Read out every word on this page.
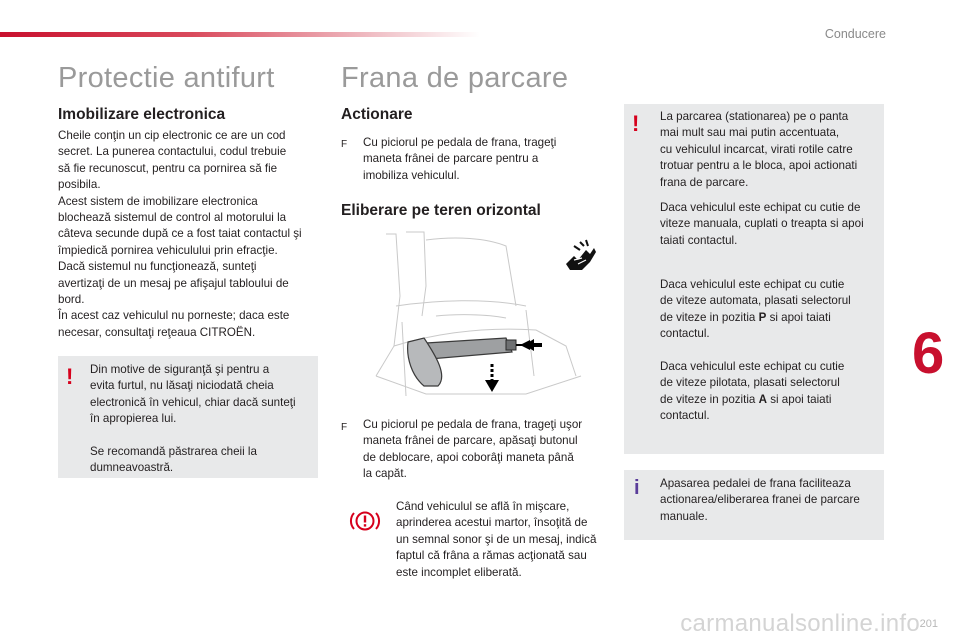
Conducere
Protectie antifurt
Imobilizare electronica

Cheile conţin un cip electronic ce are un cod

secret. La punerea contactului, codul trebuie

să fie recunoscut, pentru ca pornirea să fie

posibila.

Acest sistem de imobilizare electronica

blochează sistemul de control al motorului la

câteva secunde după ce a fost taiat contactul şi

împiedică pornirea vehiculului prin efracţie.

Dacă sistemul nu funcţionează, sunteţi

avertizaţi de un mesaj pe afişajul tabloului de

bord.

În acest caz vehiculul nu porneste; daca este

necesar, consultaţi reţeaua CITROËN.

! Din motive de siguranţă şi pentru a

evita furtul, nu lăsaţi niciodată cheia

electronică în vehicul, chiar dacă sunteţi

în apropierea lui.

Se recomandă păstrarea cheii la

dumneavoastră.

Frana de parcare
Actionare
F Cu piciorul pe pedala de frana, trageţi

maneta frânei de parcare pentru a

imobiliza vehiculul.

Eliberare pe teren orizontal
F Cu piciorul pe pedala de frana, trageţi uşor

maneta frânei de parcare, apăsaţi butonul

de deblocare, apoi coborâţi maneta până

la capăt.

Când vehiculul se află în mişcare,

aprinderea acestui martor, însoţită de

un semnal sonor şi de un mesaj, indică

faptul că frâna a rămas acţionată sau

este incomplet eliberată.

! La parcarea (stationarea) pe o panta

mai mult sau mai putin accentuata,

cu vehiculul incarcat, virati rotile catre

trotuar pentru a le bloca, apoi actionati

frana de parcare.

Daca vehiculul este echipat cu cutie de

viteze manuala, cuplati o treapta si apoi

taiati contactul.

Daca vehiculul este echipat cu cutie

de viteze automata, plasati selectorul

de viteze in pozitia P si apoi taiati

contactul.

Daca vehiculul este echipat cu cutie

de viteze pilotata, plasati selectorul

de viteze in pozitia A si apoi taiati

contactul.

i Apasarea pedalei de frana faciliteaza

actionarea/eliberarea franei de parcare

manuale.

6
carmanualsonline.info 201
